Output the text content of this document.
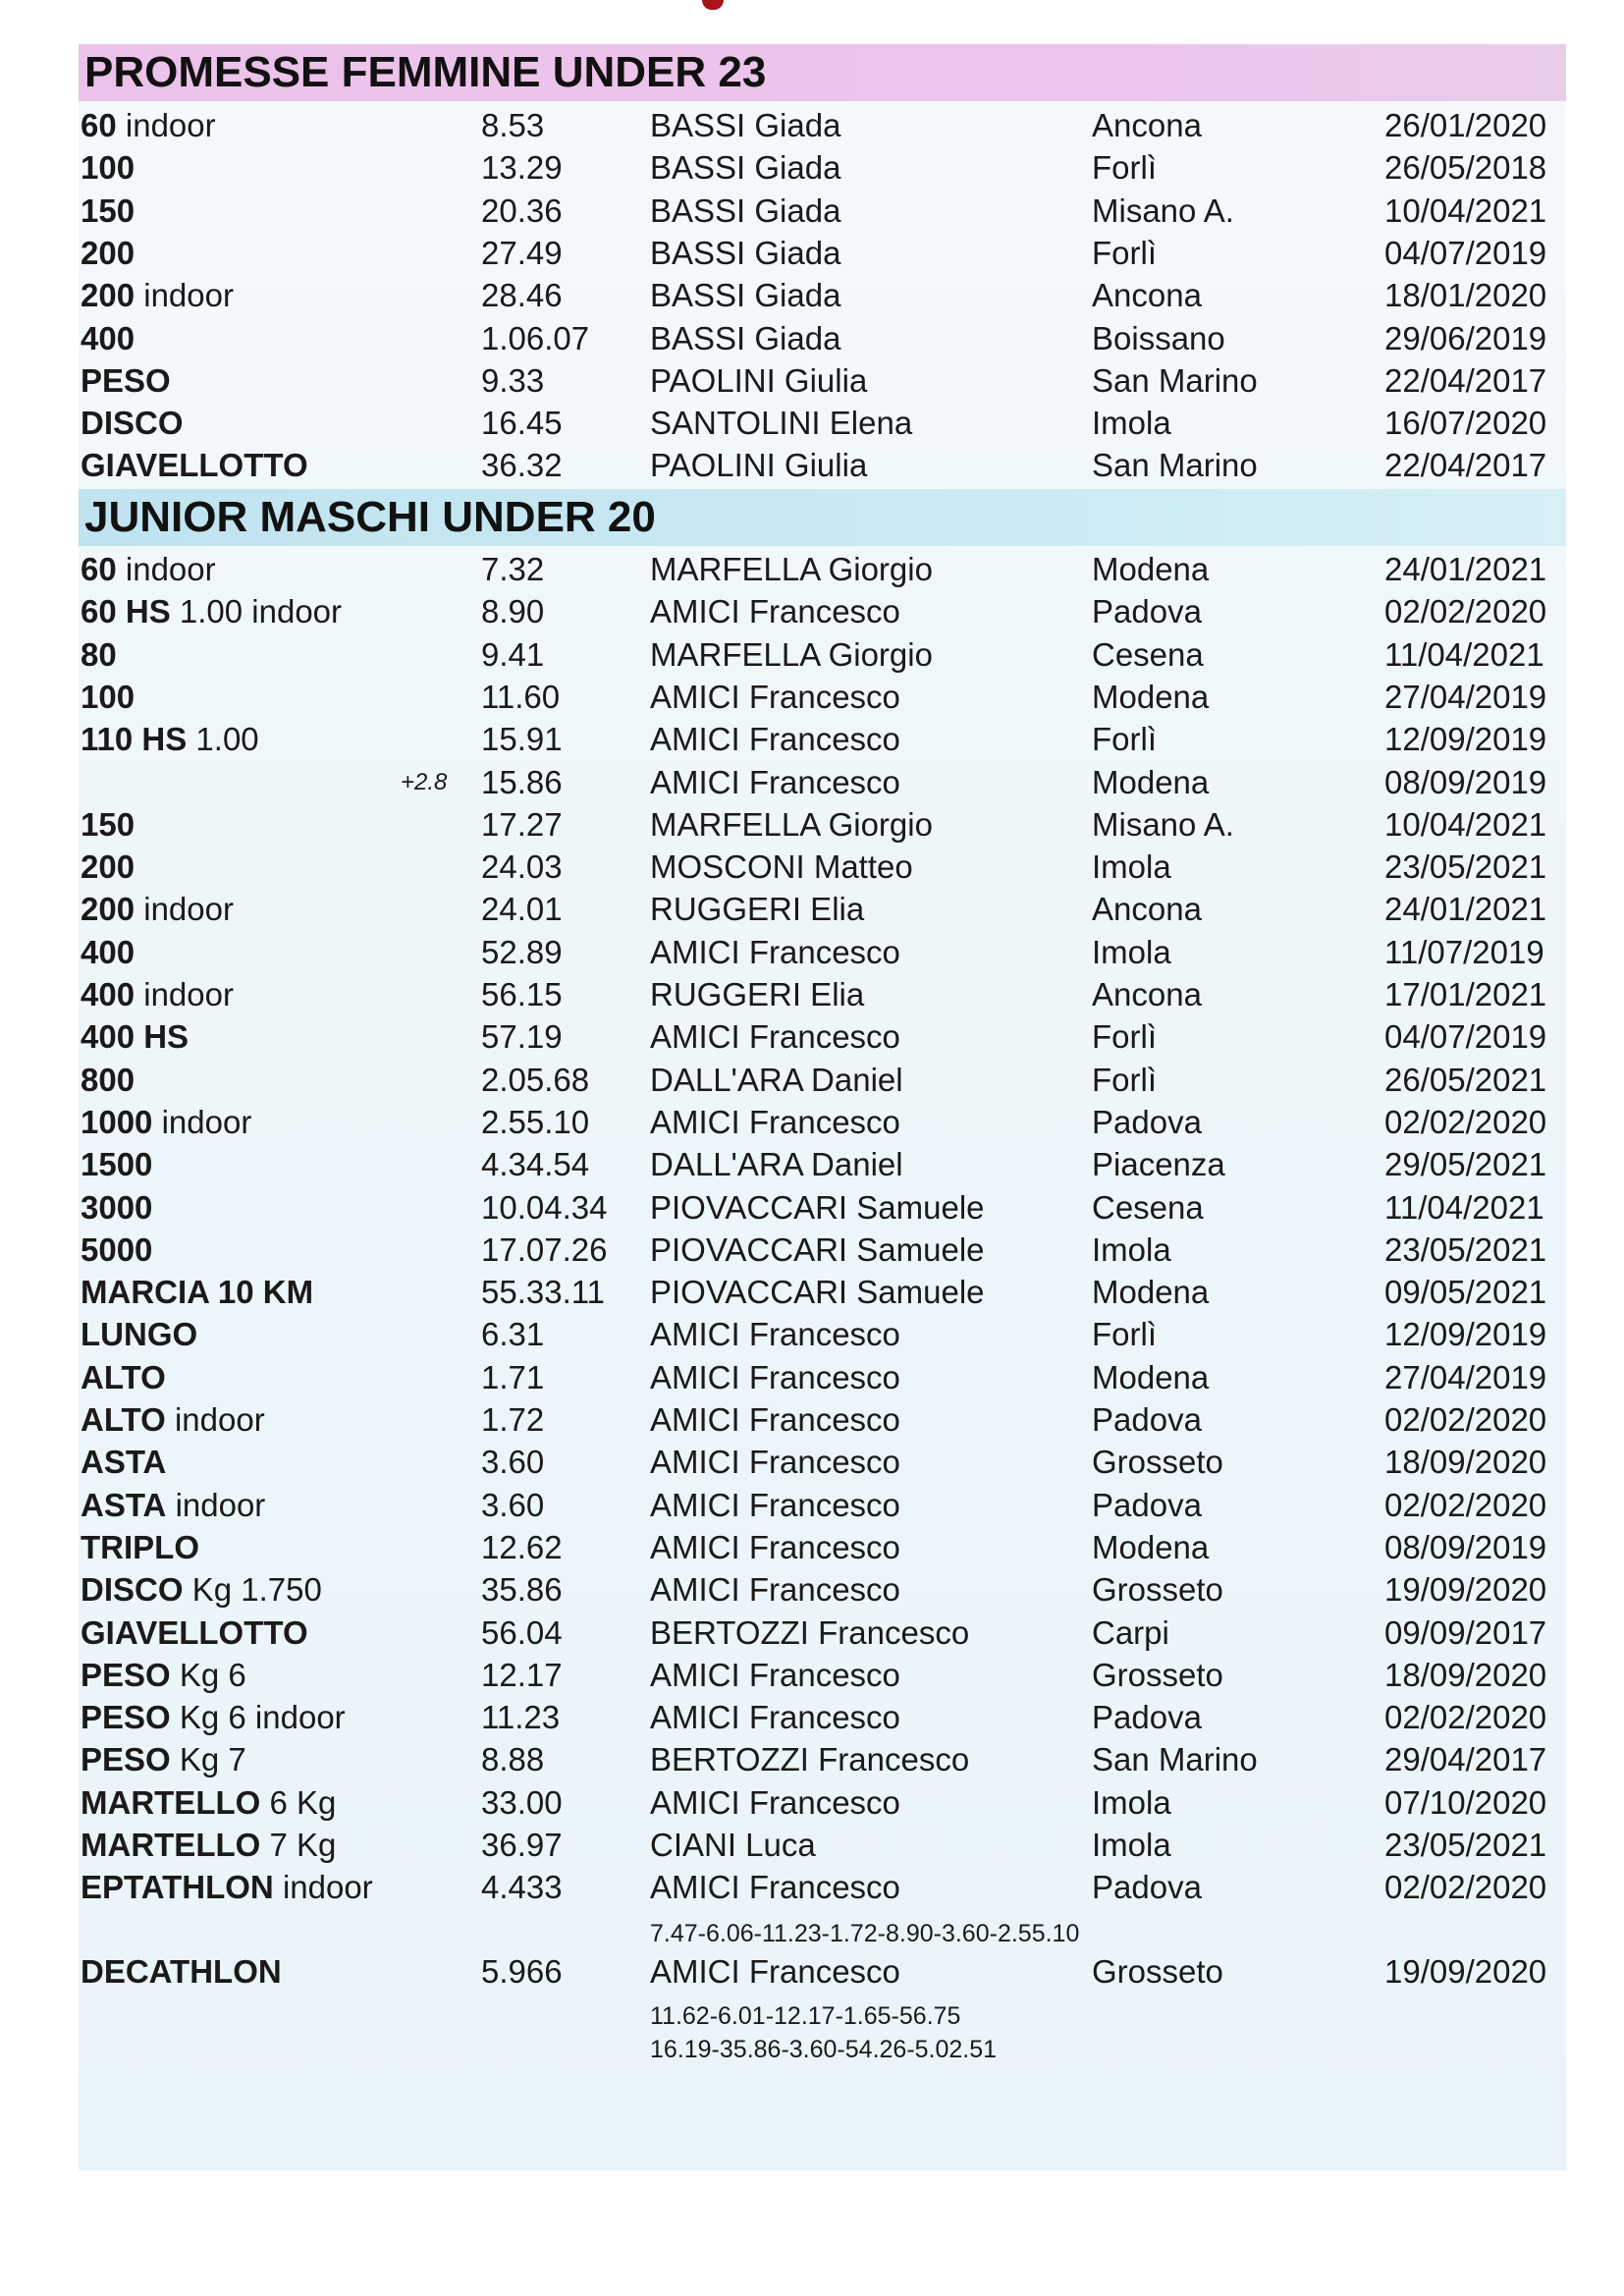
PROMESSE FEMMINE UNDER 23
JUNIOR MASCHI UNDER 20
60 indoor	8.53	BASSI Giada	Ancona	26/01/2020
100	13.29	BASSI Giada	Forlì	26/05/2018
150	20.36	BASSI Giada	Misano A.	10/04/2021
200	27.49	BASSI Giada	Forlì	04/07/2019
200 indoor	28.46	BASSI Giada	Ancona	18/01/2020
400	1.06.07 BASSI Giada	Boissano	29/06/2019
PESO	9.33	PAOLINI Giulia	San Marino	22/04/2017
DISCO	16.45	SANTOLINI Elena	Imola	16/07/2020
GIAVELLOTTO	36.32	PAOLINI Giulia	San Marino	22/04/2017
60 indoor	7.32	MARFELLA Giorgio	Modena	24/01/2021
60 HS 1.00 indoor	8.90	AMICI Francesco	Padova	02/02/2020
80	9.41	MARFELLA Giorgio	Cesena	11/04/2021
100	11.60	AMICI Francesco	Modena	27/04/2019
110 HS 1.00	15.91	AMICI Francesco	Forlì	12/09/2019
+2.8 15.86	AMICI Francesco	Modena	08/09/2019
150	17.27	MARFELLA Giorgio	Misano A.	10/04/2021
200	24.03	MOSCONI Matteo	Imola	23/05/2021
200 indoor	24.01	RUGGERI Elia	Ancona	24/01/2021
400	52.89	AMICI Francesco	Imola	11/07/2019
400 indoor	56.15	RUGGERI Elia	Ancona	17/01/2021
400 HS	57.19	AMICI Francesco	Forlì	04/07/2019
800	2.05.68 DALL'ARA Daniel	Forlì	26/05/2021
1000 indoor	2.55.10 AMICI Francesco	Padova	02/02/2020
1500	4.34.54 DALL'ARA Daniel	Piacenza	29/05/2021
3000	10.04.34 PIOVACCARI Samuele	Cesena	11/04/2021
5000	17.07.26 PIOVACCARI Samuele	Imola	23/05/2021
MARCIA 10 KM	55.33.11 PIOVACCARI Samuele	Modena	09/05/2021
LUNGO	6.31	AMICI Francesco	Forlì	12/09/2019
ALTO	1.71	AMICI Francesco	Modena	27/04/2019
ALTO indoor	1.72	AMICI Francesco	Padova	02/02/2020
ASTA	3.60	AMICI Francesco	Grosseto	18/09/2020
ASTA indoor	3.60	AMICI Francesco	Padova	02/02/2020
TRIPLO	12.62	AMICI Francesco	Modena	08/09/2019
DISCO Kg 1.750	35.86	AMICI Francesco	Grosseto	19/09/2020
GIAVELLOTTO	56.04	BERTOZZI Francesco	Carpi	09/09/2017
PESO Kg 6	12.17	AMICI Francesco	Grosseto	18/09/2020
PESO Kg 6 indoor	11.23	AMICI Francesco	Padova	02/02/2020
PESO Kg 7	8.88	BERTOZZI Francesco	San Marino	29/04/2017
MARTELLO 6 Kg	33.00	AMICI Francesco	Imola	07/10/2020
MARTELLO 7 Kg	36.97	CIANI Luca	Imola	23/05/2021
EPTATHLON indoor	4.433	AMICI Francesco	Padova	02/02/2020
DECATHLON	5.966	AMICI Francesco	Grosseto	19/09/2020
7.47-6.06-11.23-1.72-8.90-3.60-2.55.10
11.62-6.01-12.17-1.65-56.75
16.19-35.86-3.60-54.26-5.02.51
